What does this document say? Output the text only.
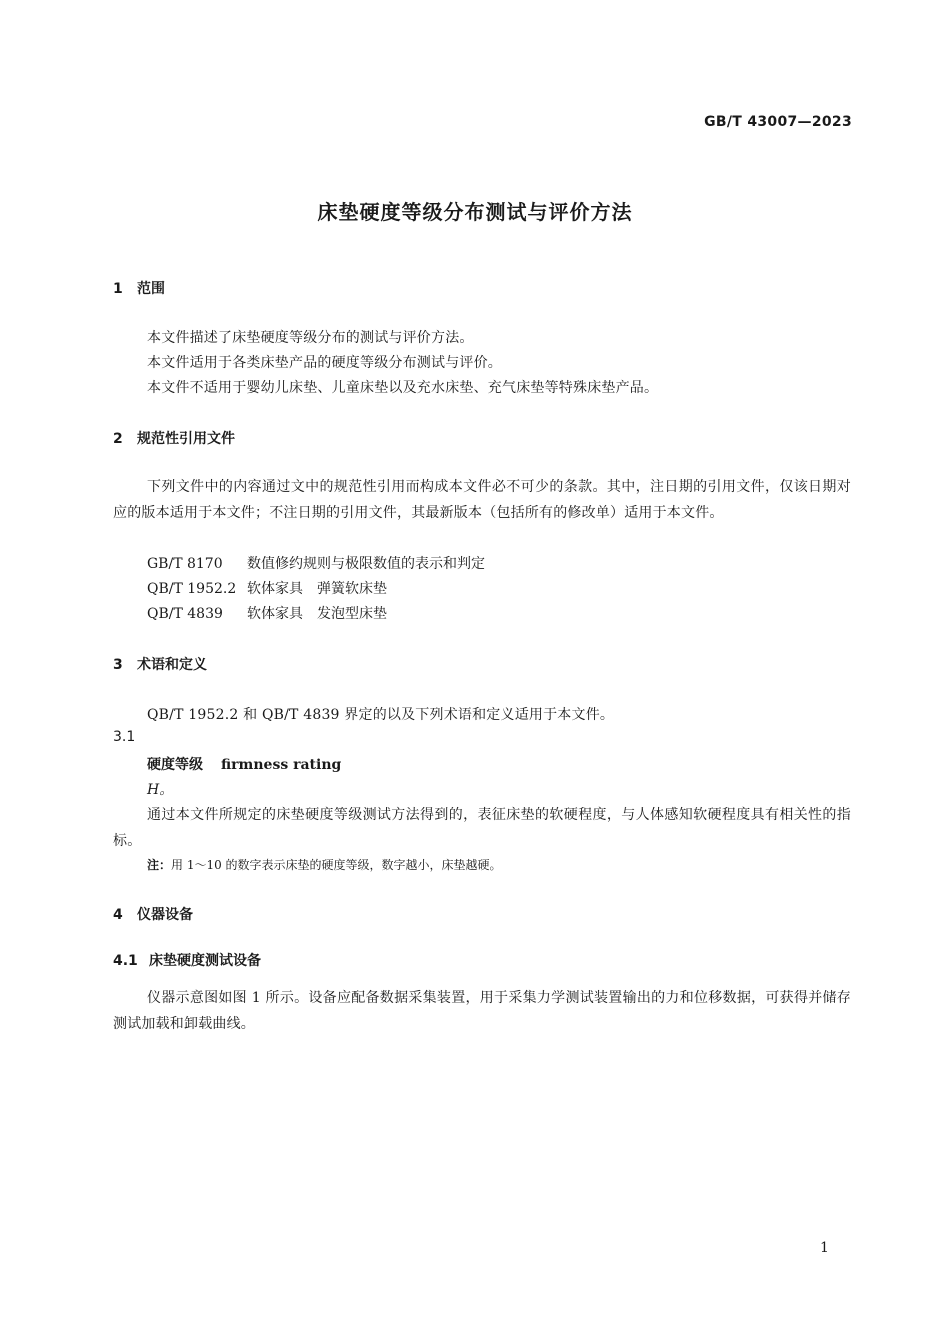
GB/T 43007—2023
床垫硬度等级分布测试与评价方法
1 范围
本文件描述了床垫硬度等级分布的测试与评价方法。
本文件适用于各类床垫产品的硬度等级分布测试与评价。
本文件不适用于婴幼儿床垫、儿童床垫以及充水床垫、充气床垫等特殊床垫产品。
2 规范性引用文件
下列文件中的内容通过文中的规范性引用而构成本文件必不可少的条款。其中，注日期的引用文件，仅该日期对应的版本适用于本文件；不注日期的引用文件，其最新版本（包括所有的修改单）适用于本文件。
GB/T 8170 数值修约规则与极限数值的表示和判定
QB/T 1952.2 软体家具 弹簧软床垫
QB/T 4839 软体家具 发泡型床垫
3 术语和定义
QB/T 1952.2 和 QB/T 4839 界定的以及下列术语和定义适用于本文件。
3.1
硬度等级 firmness rating
H。
通过本文件所规定的床垫硬度等级测试方法得到的，表征床垫的软硬程度，与人体感知软硬程度具有相关性的指标。
注：用 1～10 的数字表示床垫的硬度等级，数字越小，床垫越硬。
4 仪器设备
4.1 床垫硬度测试设备
仪器示意图如图 1 所示。设备应配备数据采集装置，用于采集力学测试装置输出的力和位移数据，可获得并储存测试加载和卸载曲线。
1
